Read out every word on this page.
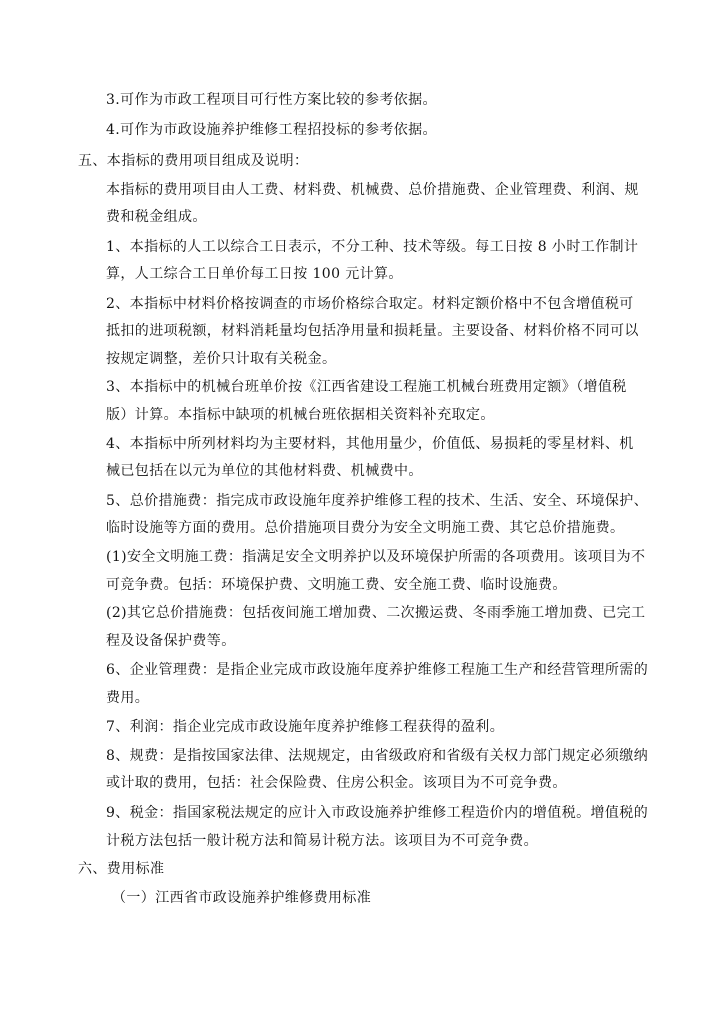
3.可作为市政工程项目可行性方案比较的参考依据。
4.可作为市政设施养护维修工程招投标的参考依据。
五、本指标的费用项目组成及说明：
本指标的费用项目由人工费、材料费、机械费、总价措施费、企业管理费、利润、规
费和税金组成。
1、本指标的人工以综合工日表示，不分工种、技术等级。每工日按 8 小时工作制计
算，人工综合工日单价每工日按 100 元计算。
2、本指标中材料价格按调查的市场价格综合取定。材料定额价格中不包含增值税可
抵扣的进项税额，材料消耗量均包括净用量和损耗量。主要设备、材料价格不同可以
按规定调整，差价只计取有关税金。
3、本指标中的机械台班单价按《江西省建设工程施工机械台班费用定额》（增值税
版）计算。本指标中缺项的机械台班依据相关资料补充取定。
4、本指标中所列材料均为主要材料，其他用量少，价值低、易损耗的零星材料、机
械已包括在以元为单位的其他材料费、机械费中。
5、总价措施费：指完成市政设施年度养护维修工程的技术、生活、安全、环境保护、
临时设施等方面的费用。总价措施项目费分为安全文明施工费、其它总价措施费。
(1)安全文明施工费：指满足安全文明养护以及环境保护所需的各项费用。该项目为不
可竞争费。包括：环境保护费、文明施工费、安全施工费、临时设施费。
(2)其它总价措施费：包括夜间施工增加费、二次搬运费、冬雨季施工增加费、已完工
程及设备保护费等。
6、企业管理费：是指企业完成市政设施年度养护维修工程施工生产和经营管理所需的
费用。
7、利润：指企业完成市政设施年度养护维修工程获得的盈利。
8、规费：是指按国家法律、法规规定，由省级政府和省级有关权力部门规定必须缴纳
或计取的费用，包括：社会保险费、住房公积金。该项目为不可竞争费。
9、税金：指国家税法规定的应计入市政设施养护维修工程造价内的增值税。增值税的
计税方法包括一般计税方法和简易计税方法。该项目为不可竞争费。
六、费用标准
（一）江西省市政设施养护维修费用标准
